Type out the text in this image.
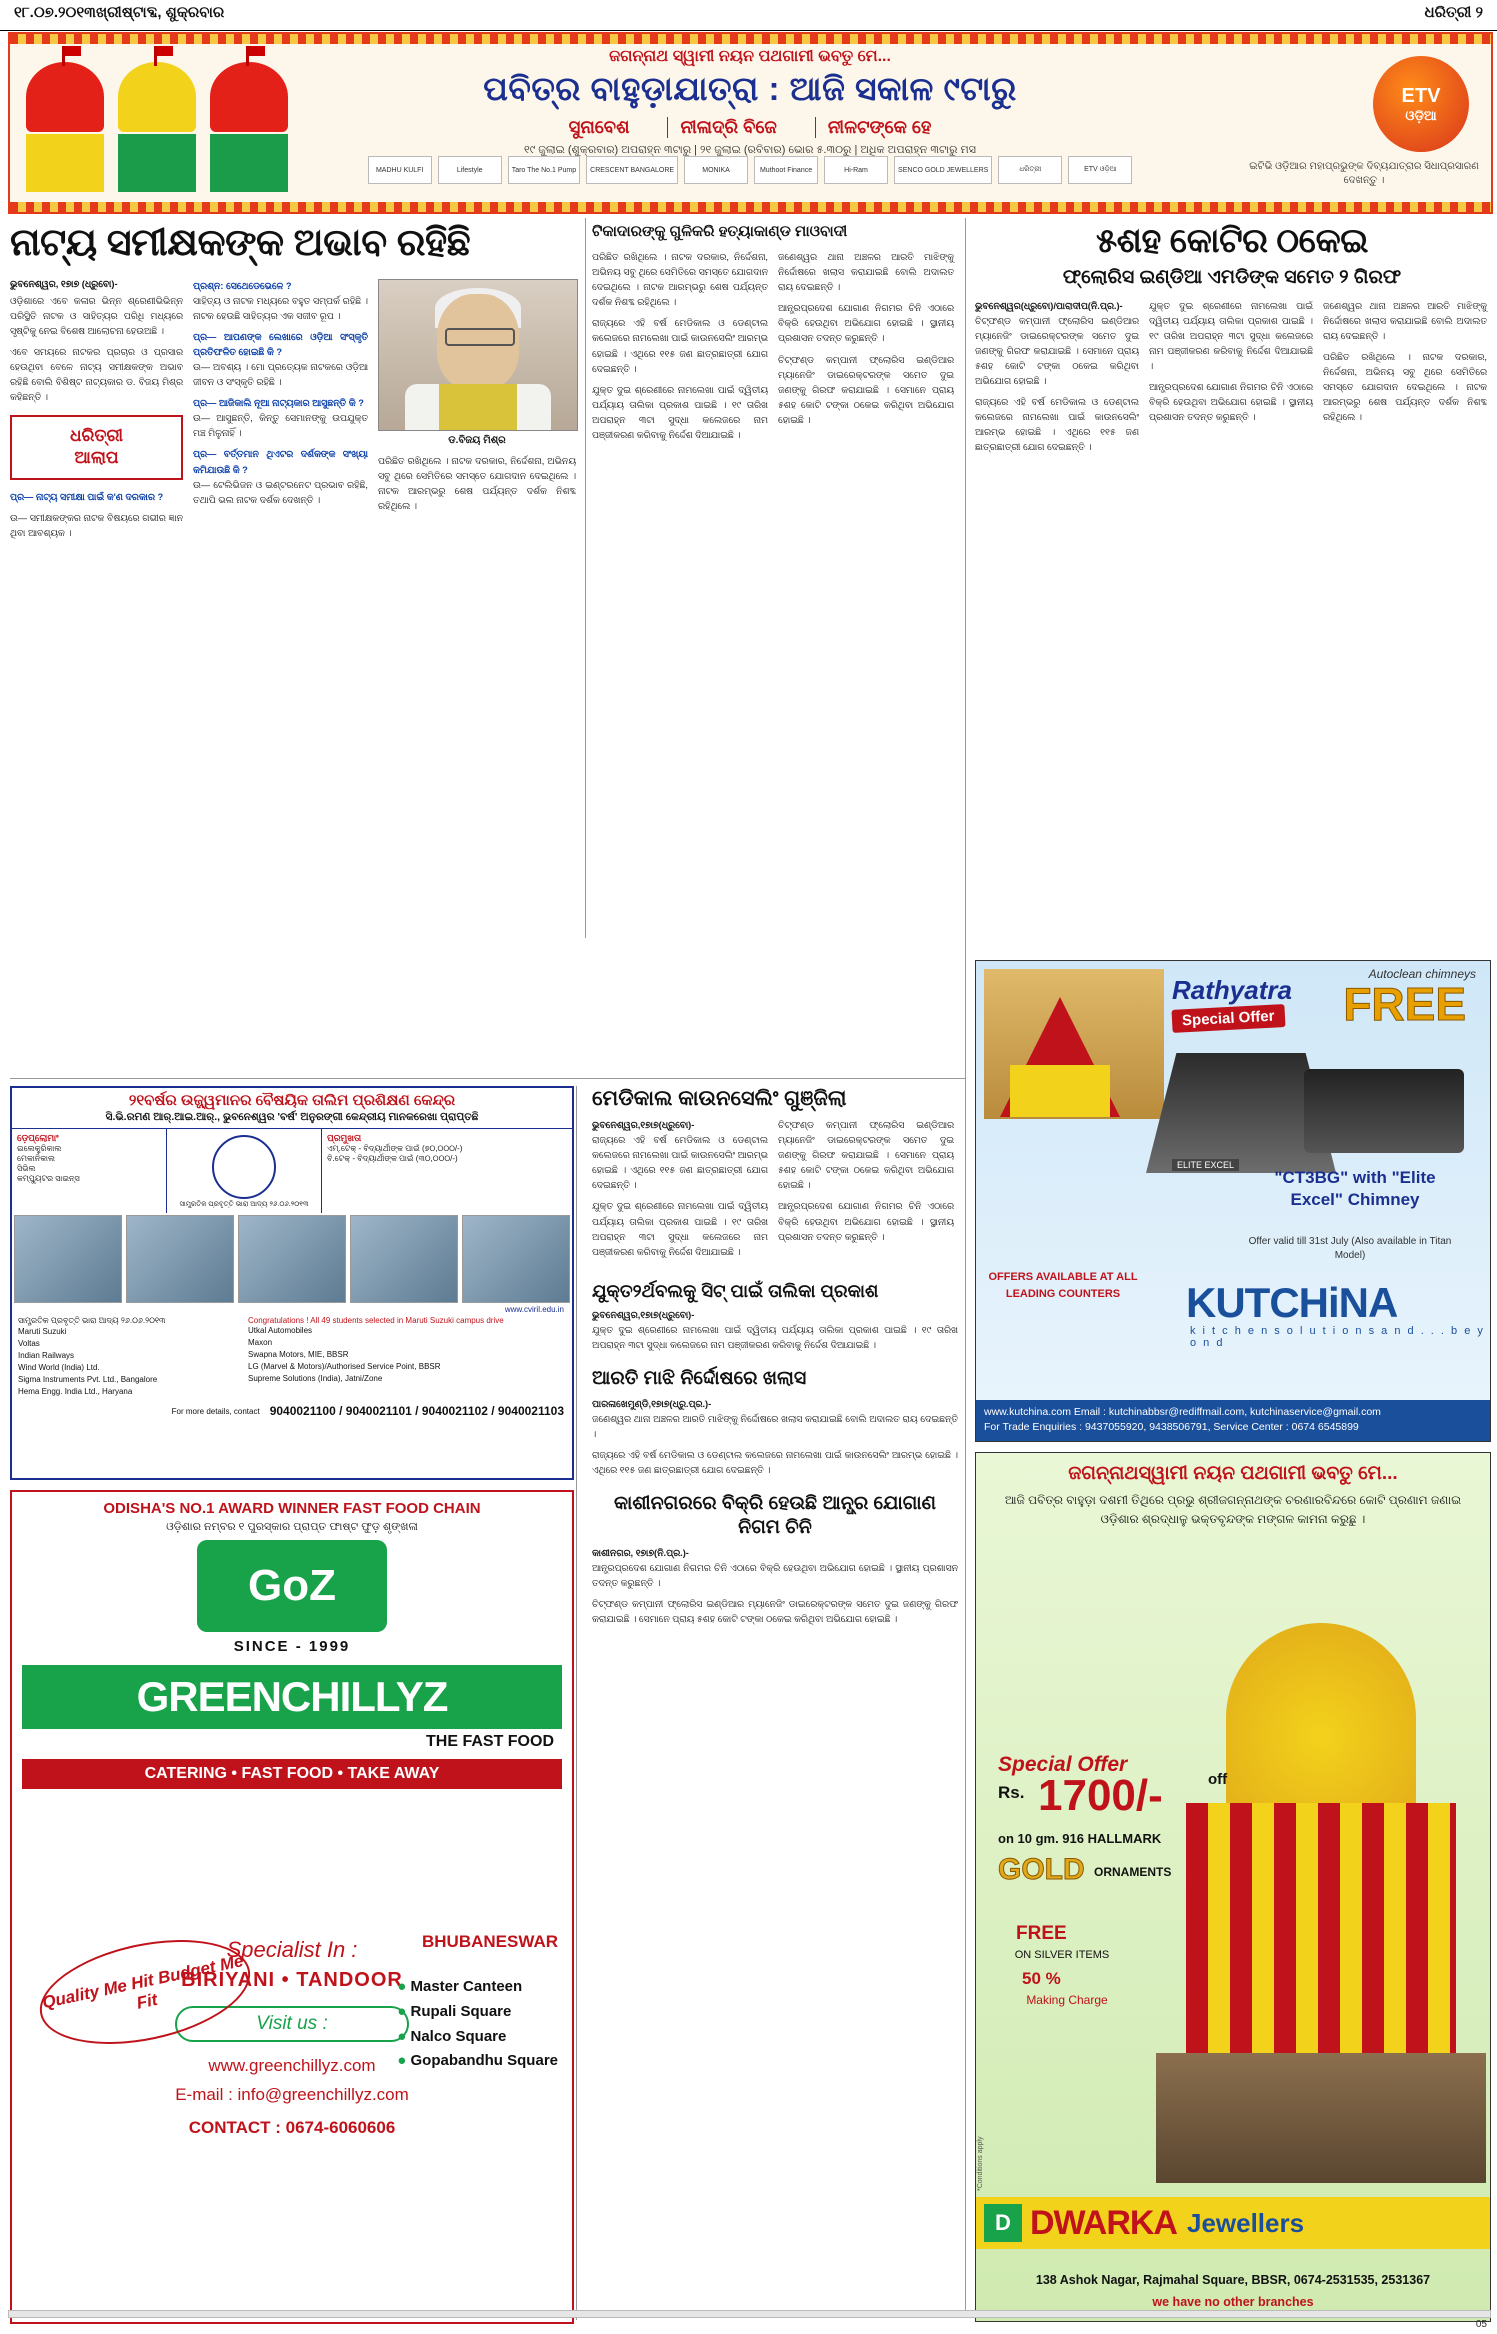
୧୮.୦୭.୨୦୧୩ଖ୍ରୀଷ୍ଟାବ୍ଦ, ଶୁକ୍ରବାର	ଧରିତ୍ରୀ ୨
ଜଗନ୍ନାଥ ସ୍ୱାମୀ ନୟନ ପଥଗାମୀ ଭବତୁ ମେ...
ପବିତ୍ର ବାହୁଡ଼ାଯାତ୍ରା : ଆଜି ସକାଳ ୯ଟାରୁ
ସୁନାବେଶ	ନୀଳାଦ୍ରି ବିଜେ	ନୀଳଟଙ୍କେ ହେ
୧୯ ଜୁଲାଇ (ଶୁକ୍ରବାର) ଅପରାହ୍ନ ୩ଟାରୁ | ୨୧ ଜୁଲାଇ (ରବିବାର) ଭୋର ୫.୩୦ରୁ | ଅଧିକ ଅପରାହ୍ନ ୩ଟାରୁ ମସ
MADHU KULFI	Lifestyle	Taro The No.1 Pump	CRESCENT BANGALORE	MONIKA	Muthoot Finance	Hi-Ram	SENCO GOLD JEWELLERS	ଧରିତ୍ରୀ	ETV ଓଡ଼ିଆ
ETV
ଓଡ଼ିଆ
ଇଟିଭି ଓଡ଼ିଆର ମହାପ୍ରଭୁଙ୍କ ଦିବ୍ୟଯାତ୍ରାର ସିଧାପ୍ରସାରଣ ଦେଖନ୍ତୁ ।
ନାଟ୍ୟ ସମୀକ୍ଷକଙ୍କ ଅଭାବ ରହିଛି
ଭୁବନେଶ୍ୱର, ୧୭ା୭ (ଧ୍ରୁବୋ)-

ଓଡ଼ିଶାରେ ଏବେ କଳାର ଭିନ୍ନ ଶ୍ରେଣୀଭିଭିନ୍ନ ପରିସ୍ଥିତି ନାଟକ ଓ ସାହିତ୍ୟର ପରିଧି ମଧ୍ୟରେ ସୃଷ୍ଟିକୁ ନେଇ ବିଶେଷ ଆଲୋଚନା ହେଉଅଛି ।

ଏବେ ସମୟରେ ନାଟକର ପ୍ରଚାର ଓ ପ୍ରସାର ହେଉଥିବା ବେଳେ ନାଟ୍ୟ ସମୀକ୍ଷକଙ୍କ ଅଭାବ ରହିଛି ବୋଲି ବିଶିଷ୍ଟ ନାଟ୍ୟକାର ଡ. ବିଜୟ ମିଶ୍ର କହିଛନ୍ତି ।

ଧରିତ୍ରୀ
ଆଲାପ

ପ୍ର— ନାଟ୍ୟ ସମୀକ୍ଷା ପାଇଁ କ'ଣ ଦରକାର ?

ଉ— ସମୀକ୍ଷକଙ୍କର ନାଟକ ବିଷୟରେ ଗଭୀର ଜ୍ଞାନ ଥିବା ଆବଶ୍ୟକ ।

ପ୍ରଶ୍ନ: ସେଥେଡେଭେଳେ ?
ସାହିତ୍ୟ ଓ ନାଟକ ମଧ୍ୟରେ ବହୁତ ସମ୍ପର୍କ ରହିଛି । ନାଟକ ହେଉଛି ସାହିତ୍ୟର ଏକ ସଜୀବ ରୂପ ।
ପ୍ର— ଆପଣଙ୍କ ଲେଖାରେ ଓଡ଼ିଆ ସଂସ୍କୃତି ପ୍ରତିଫଳିତ ହୋଇଛି କି ?
ଉ— ଅବଶ୍ୟ । ମୋ ପ୍ରତ୍ୟେକ ନାଟକରେ ଓଡ଼ିଆ ଜୀବନ ଓ ସଂସ୍କୃତି ରହିଛି ।
ପ୍ର— ଆଜିକାଲି ନୂଆ ନାଟ୍ୟକାର ଆସୁଛନ୍ତି କି ?
ଉ— ଆସୁଛନ୍ତି, କିନ୍ତୁ ସେମାନଙ୍କୁ ଉପଯୁକ୍ତ ମଞ୍ଚ ମିଳୁନାହିଁ ।
ପ୍ର— ବର୍ତ୍ତମାନ ଥିଏଟର ଦର୍ଶକଙ୍କ ସଂଖ୍ୟା କମିଯାଉଛି କି ?
ଉ— ଟେଲିଭିଜନ ଓ ଇଣ୍ଟରନେଟ ପ୍ରଭାବ ରହିଛି, ତଥାପି ଭଲ ନାଟକ ଦର୍ଶକ ଦେଖନ୍ତି ।
ଡ.ବିଜୟ ମିଶ୍ର

ପରିଛିତ ରଖିଥିଲେ । ନାଟକ ଦରକାର, ନିର୍ଦ୍ଦେଶନା, ଅଭିନୟ ସବୁ ଥିରେ ସେମିତିରେ ସମସ୍ତେ ଯୋଗଦାନ ଦେଇଥିଲେ । ନାଟକ ଆରମ୍ଭରୁ ଶେଷ ପର୍ଯ୍ୟନ୍ତ ଦର୍ଶକ ନିଶବ୍ଦ ରହିଥିଲେ ।

ଟିକାଦାରଙ୍କୁ ଗୁଳିକରି ହତ୍ୟାକାଣ୍ଡ ମାଓବାଦୀ

ପରିଛିତ ରଖିଥିଲେ । ନାଟକ ଦରକାର, ନିର୍ଦ୍ଦେଶନା, ଅଭିନୟ ସବୁ ଥିରେ ସେମିତିରେ ସମସ୍ତେ ଯୋଗଦାନ ଦେଇଥିଲେ । ନାଟକ ଆରମ୍ଭରୁ ଶେଷ ପର୍ଯ୍ୟନ୍ତ ଦର୍ଶକ ନିଶବ୍ଦ ରହିଥିଲେ ।

ରାଜ୍ୟରେ ଏହି ବର୍ଷ ମେଡିକାଲ ଓ ଡେଣ୍ଟାଲ କଲେଜରେ ନାମଲେଖା ପାଇଁ କାଉନସେଲିଂ ଆରମ୍ଭ ହୋଇଛି । ଏଥିରେ ୧୧୫ ଜଣ ଛାତ୍ରଛାତ୍ରୀ ଯୋଗ ଦେଇଛନ୍ତି ।

ଯୁକ୍ତ ଦୁଇ ଶ୍ରେଣୀରେ ନାମଲେଖା ପାଇଁ ଦ୍ୱିତୀୟ ପର୍ଯ୍ୟାୟ ତାଲିକା ପ୍ରକାଶ ପାଇଛି । ୧୯ ତାରିଖ ଅପରାହ୍ନ ୩ଟା ସୁଦ୍ଧା କଲେଜରେ ନାମ ପଞ୍ଜୀକରଣ କରିବାକୁ ନିର୍ଦ୍ଦେଶ ଦିଆଯାଇଛି ।

ଜଣେଶ୍ୱର ଥାନା ଅଞ୍ଚଳର ଆରତି ମାଝିଙ୍କୁ ନିର୍ଦ୍ଦୋଷରେ ଖଲାସ କରାଯାଇଛି ବୋଲି ଅଦାଲତ ରାୟ ଦେଇଛନ୍ତି ।

ଆନ୍ଧ୍ରପ୍ରଦେଶ ଯୋଗାଣ ନିଗମର ଚିନି ଏଠାରେ ବିକ୍ରି ହେଉଥିବା ଅଭିଯୋଗ ହୋଇଛି । ସ୍ଥାନୀୟ ପ୍ରଶାସନ ତଦନ୍ତ କରୁଛନ୍ତି ।

ଚିଟ୍‌ଫଣ୍ଡ କମ୍ପାନୀ ଫ୍ଲୋରିସ ଇଣ୍ଡିଆର ମ୍ୟାନେଜିଂ ଡାଇରେକ୍ଟରଙ୍କ ସମେତ ଦୁଇ ଜଣଙ୍କୁ ଗିରଫ କରାଯାଇଛି । ସେମାନେ ପ୍ରାୟ ୫ଶହ କୋଟି ଟଙ୍କା ଠକେଇ କରିଥିବା ଅଭିଯୋଗ ହୋଇଛି ।

୫ଶହ କୋଟିର ଠକେଇ
ଫ୍ଲୋରିସ ଇଣ୍ଡିଆ ଏମଡିଙ୍କ ସମେତ ୨ ଗିରଫ
ଭୁବନେଶ୍ୱର(ଧ୍ରୁବୋ)/ପାରାଦୀପ(ନି.ପ୍ର.)-

ଚିଟ୍‌ଫଣ୍ଡ କମ୍ପାନୀ ଫ୍ଲୋରିସ ଇଣ୍ଡିଆର ମ୍ୟାନେଜିଂ ଡାଇରେକ୍ଟରଙ୍କ ସମେତ ଦୁଇ ଜଣଙ୍କୁ ଗିରଫ କରାଯାଇଛି । ସେମାନେ ପ୍ରାୟ ୫ଶହ କୋଟି ଟଙ୍କା ଠକେଇ କରିଥିବା ଅଭିଯୋଗ ହୋଇଛି ।

ରାଜ୍ୟରେ ଏହି ବର୍ଷ ମେଡିକାଲ ଓ ଡେଣ୍ଟାଲ କଲେଜରେ ନାମଲେଖା ପାଇଁ କାଉନସେଲିଂ ଆରମ୍ଭ ହୋଇଛି । ଏଥିରେ ୧୧୫ ଜଣ ଛାତ୍ରଛାତ୍ରୀ ଯୋଗ ଦେଇଛନ୍ତି ।

ଯୁକ୍ତ ଦୁଇ ଶ୍ରେଣୀରେ ନାମଲେଖା ପାଇଁ ଦ୍ୱିତୀୟ ପର୍ଯ୍ୟାୟ ତାଲିକା ପ୍ରକାଶ ପାଇଛି । ୧୯ ତାରିଖ ଅପରାହ୍ନ ୩ଟା ସୁଦ୍ଧା କଲେଜରେ ନାମ ପଞ୍ଜୀକରଣ କରିବାକୁ ନିର୍ଦ୍ଦେଶ ଦିଆଯାଇଛି ।

ଆନ୍ଧ୍ରପ୍ରଦେଶ ଯୋଗାଣ ନିଗମର ଚିନି ଏଠାରେ ବିକ୍ରି ହେଉଥିବା ଅଭିଯୋଗ ହୋଇଛି । ସ୍ଥାନୀୟ ପ୍ରଶାସନ ତଦନ୍ତ କରୁଛନ୍ତି ।

ଜଣେଶ୍ୱର ଥାନା ଅଞ୍ଚଳର ଆରତି ମାଝିଙ୍କୁ ନିର୍ଦ୍ଦୋଷରେ ଖଲାସ କରାଯାଇଛି ବୋଲି ଅଦାଲତ ରାୟ ଦେଇଛନ୍ତି ।

ପରିଛିତ ରଖିଥିଲେ । ନାଟକ ଦରକାର, ନିର୍ଦ୍ଦେଶନା, ଅଭିନୟ ସବୁ ଥିରେ ସେମିତିରେ ସମସ୍ତେ ଯୋଗଦାନ ଦେଇଥିଲେ । ନାଟକ ଆରମ୍ଭରୁ ଶେଷ ପର୍ଯ୍ୟନ୍ତ ଦର୍ଶକ ନିଶବ୍ଦ ରହିଥିଲେ ।

ମେଡିକାଲ କାଉନସେଲିଂ ଗୁଞ୍ଜିଲା
ଭୁବନେଶ୍ୱର,୧୭ା୭(ଧ୍ରୁବୋ)-

ରାଜ୍ୟରେ ଏହି ବର୍ଷ ମେଡିକାଲ ଓ ଡେଣ୍ଟାଲ କଲେଜରେ ନାମଲେଖା ପାଇଁ କାଉନସେଲିଂ ଆରମ୍ଭ ହୋଇଛି । ଏଥିରେ ୧୧୫ ଜଣ ଛାତ୍ରଛାତ୍ରୀ ଯୋଗ ଦେଇଛନ୍ତି ।

ଯୁକ୍ତ ଦୁଇ ଶ୍ରେଣୀରେ ନାମଲେଖା ପାଇଁ ଦ୍ୱିତୀୟ ପର୍ଯ୍ୟାୟ ତାଲିକା ପ୍ରକାଶ ପାଇଛି । ୧୯ ତାରିଖ ଅପରାହ୍ନ ୩ଟା ସୁଦ୍ଧା କଲେଜରେ ନାମ ପଞ୍ଜୀକରଣ କରିବାକୁ ନିର୍ଦ୍ଦେଶ ଦିଆଯାଇଛି ।

ଚିଟ୍‌ଫଣ୍ଡ କମ୍ପାନୀ ଫ୍ଲୋରିସ ଇଣ୍ଡିଆର ମ୍ୟାନେଜିଂ ଡାଇରେକ୍ଟରଙ୍କ ସମେତ ଦୁଇ ଜଣଙ୍କୁ ଗିରଫ କରାଯାଇଛି । ସେମାନେ ପ୍ରାୟ ୫ଶହ କୋଟି ଟଙ୍କା ଠକେଇ କରିଥିବା ଅଭିଯୋଗ ହୋଇଛି ।

ଆନ୍ଧ୍ରପ୍ରଦେଶ ଯୋଗାଣ ନିଗମର ଚିନି ଏଠାରେ ବିକ୍ରି ହେଉଥିବା ଅଭିଯୋଗ ହୋଇଛି । ସ୍ଥାନୀୟ ପ୍ରଶାସନ ତଦନ୍ତ କରୁଛନ୍ତି ।

ଯୁକ୍ତ୨ର୍ଥବଲକୁ ସିଟ୍ ପାଇଁ ତାଲିକା ପ୍ରକାଶ
ଭୁବନେଶ୍ୱର,୧୭ା୭(ଧ୍ରୁବୋ)-

ଯୁକ୍ତ ଦୁଇ ଶ୍ରେଣୀରେ ନାମଲେଖା ପାଇଁ ଦ୍ୱିତୀୟ ପର୍ଯ୍ୟାୟ ତାଲିକା ପ୍ରକାଶ ପାଇଛି । ୧୯ ତାରିଖ ଅପରାହ୍ନ ୩ଟା ସୁଦ୍ଧା କଲେଜରେ ନାମ ପଞ୍ଜୀକରଣ କରିବାକୁ ନିର୍ଦ୍ଦେଶ ଦିଆଯାଇଛି ।

ଆରତି ମାଝି ନିର୍ଦ୍ଦୋଷରେ ଖଲାସ
ପାରଳାଖେମୁଣ୍ଡି,୧୭ା୭(ଧ୍ରୁ.ପ୍ର.)-

ଜଣେଶ୍ୱର ଥାନା ଅଞ୍ଚଳର ଆରତି ମାଝିଙ୍କୁ ନିର୍ଦ୍ଦୋଷରେ ଖଲାସ କରାଯାଇଛି ବୋଲି ଅଦାଲତ ରାୟ ଦେଇଛନ୍ତି ।

ରାଜ୍ୟରେ ଏହି ବର୍ଷ ମେଡିକାଲ ଓ ଡେଣ୍ଟାଲ କଲେଜରେ ନାମଲେଖା ପାଇଁ କାଉନସେଲିଂ ଆରମ୍ଭ ହୋଇଛି । ଏଥିରେ ୧୧୫ ଜଣ ଛାତ୍ରଛାତ୍ରୀ ଯୋଗ ଦେଇଛନ୍ତି ।

କାଶୀନଗରରେ ବିକ୍ରି ହେଉଛି ଆନ୍ଧ୍ର ଯୋଗାଣ ନିଗମ ଚିନି
କାଶୀନଗର, ୧୭ା୭(ନି.ପ୍ର.)-

ଆନ୍ଧ୍ରପ୍ରଦେଶ ଯୋଗାଣ ନିଗମର ଚିନି ଏଠାରେ ବିକ୍ରି ହେଉଥିବା ଅଭିଯୋଗ ହୋଇଛି । ସ୍ଥାନୀୟ ପ୍ରଶାସନ ତଦନ୍ତ କରୁଛନ୍ତି ।

ଚିଟ୍‌ଫଣ୍ଡ କମ୍ପାନୀ ଫ୍ଲୋରିସ ଇଣ୍ଡିଆର ମ୍ୟାନେଜିଂ ଡାଇରେକ୍ଟରଙ୍କ ସମେତ ଦୁଇ ଜଣଙ୍କୁ ଗିରଫ କରାଯାଇଛି । ସେମାନେ ପ୍ରାୟ ୫ଶହ କୋଟି ଟଙ୍କା ଠକେଇ କରିଥିବା ଅଭିଯୋଗ ହୋଇଛି ।

୨୧ବର୍ଷର ଉଜ୍ଜ୍ୱମାନର ବୈଷୟିକ ତାଲିମ ପ୍ରଶିକ୍ଷଣ କେନ୍ଦ୍ର
ସି.ଭି.ରମଣ ଆର୍.ଆଇ.ଆର୍., ଭୁବନେଶ୍ୱର 'ବର୍ଷ' ଅନୁରଙ୍ଗୀ କେନ୍ଦ୍ରୀୟ ମାନକରେଖା ପ୍ରାପ୍ତଛି
ଡ଼େପ୍ଲୋମାଂ
ଇଲେକ୍ଟ୍ରିକାଲ
ମେକାନିକାଲ
ସିଭିଲ
କମ୍ପ୍ୟୁଟର ସାଇନ୍ସ
ସାମ୍ପ୍ରତିକ ପ୍ରବୃତ୍ତି ଭାରା ଆଦ୍ୟ ୨୬.୦୬.୨୦୧୩
ପ୍ରମୁଖତା
ଏମ୍.ଟେକ୍ - ବିଦ୍ୟାର୍ଥୀଙ୍କ ପାଇଁ (୭୦,୦୦୦/-)
ବି.ଟେକ୍ - ବିଦ୍ୟାର୍ଥୀଙ୍କ ପାଇଁ (୩୦,୦୦୦/-)
www.cviril.edu.in
ସାମ୍ପ୍ରତିକ ପ୍ରବୃତ୍ତି ଭାରା ଆଦ୍ୟ ୨୬.୦୬.୨୦୧୩
Maruti Suzuki
Voltas
Indian Railways
Wind World (India) Ltd.
Sigma Instruments Pvt. Ltd., Bangalore
Hema Engg. India Ltd., Haryana
Congratulations ! All 49 students selected in Maruti Suzuki campus drive
Utkal Automobiles
Maxon
Swapna Motors, MIE, BBSR
LG (Marvel & Motors)/Authorised Service Point, BBSR
Supreme Solutions (India), Jatni/Zone
For more details, contact 9040021100 / 9040021101 / 9040021102 / 9040021103
ODISHA'S NO.1 AWARD WINNER FAST FOOD CHAIN
ଓଡ଼ିଶାର ନମ୍ବର ୧ ପୁରସ୍କାର ପ୍ରାପ୍ତ ଫାଷ୍ଟ ଫୁଡ଼ ଶୃଙ୍ଖଳା
GoZ
SINCE - 1999
GREENCHILLYZ
THE FAST FOOD
CATERING • FAST FOOD • TAKE AWAY
Quality Me Hit Budget Me Fit
BHUBANESWAR
● Master Canteen
● Rupali Square
● Nalco Square
● Gopabandhu Square
Specialist In :
BIRIYANI • TANDOOR
Visit us :
www.greenchillyz.com
E-mail : info@greenchillyz.com
CONTACT : 0674-6060606
Autoclean chimneys
Rathyatra
Special Offer FREE
ELITE EXCEL
"CT3BG" with "Elite Excel" Chimney
Offer valid till 31st July (Also available in Titan Model)
OFFERS AVAILABLE AT ALL LEADING COUNTERS	KUTCHiNA
k i t c h e n s o l u t i o n s a n d . . . b e y o n d
www.kutchina.com Email : kutchinabbsr@rediffmail.com, kutchinaservice@gmail.com
For Trade Enquiries : 9437055920, 9438506791, Service Center : 0674 6545899
ଜଗନ୍ନାଥସ୍ୱାମୀ ନୟନ ପଥଗାମୀ ଭବତୁ ମେ...
ଆଜି ପବିତ୍ର ବାହୁଡ଼ା ଦଶମୀ ତିଥିରେ ପ୍ରଭୁ ଶ୍ରୀଜଗନ୍ନାଥଙ୍କ ଚରଣାରବିନ୍ଦରେ କୋଟି ପ୍ରଣାମ ଜଣାଇ ଓଡ଼ିଶାର ଶ୍ରଦ୍ଧାଳୁ ଭକ୍ତବୃନ୍ଦଙ୍କ ମଙ୍ଗଳ କାମନା କରୁଛୁ ।
Special Offer
Rs. 1700/-	off
on 10 gm. 916 HALLMARK
GOLD ORNAMENTS
FREE
ON SILVER ITEMS
50 %
Making Charge
*Conditions apply
D DWARKA Jewellers
138 Ashok Nagar, Rajmahal Square, BBSR, 0674-2531535, 2531367
we have no other branches
05
